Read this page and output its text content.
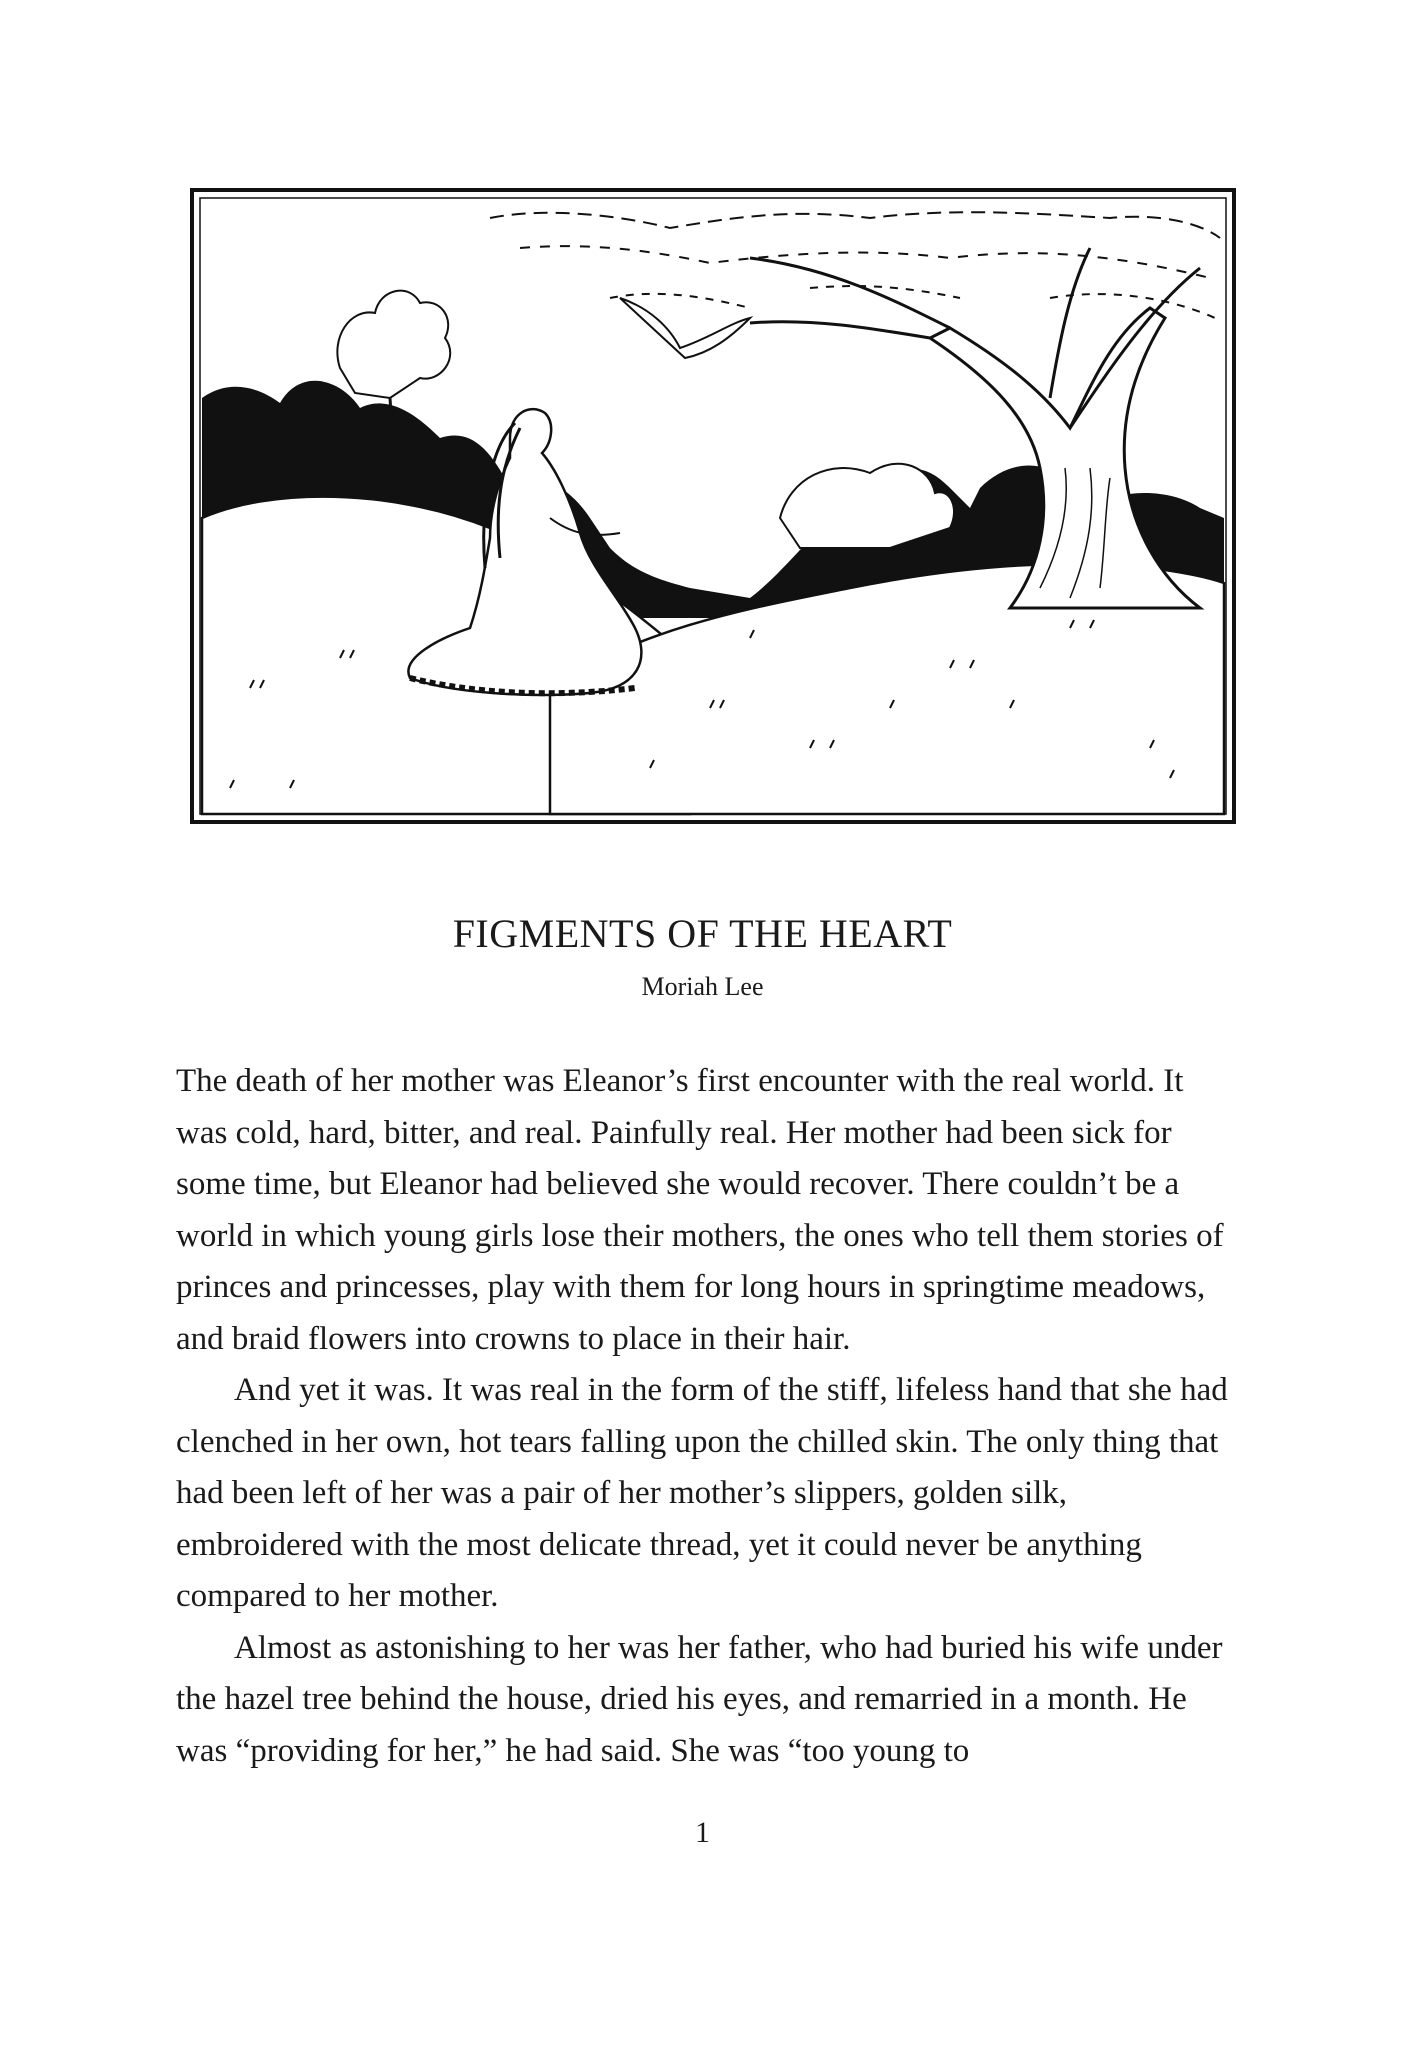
FIGMENTS OF THE HEART
Moriah Lee

The death of her mother was Eleanor’s first encounter with the real world. It was cold, hard, bitter, and real. Painfully real. Her mother had been sick for some time, but Eleanor had believed she would recover. There couldn’t be a world in which young girls lose their mothers, the ones who tell them stories of princes and princesses, play with them for long hours in springtime meadows, and braid flowers into crowns to place in their hair.

And yet it was. It was real in the form of the stiff, lifeless hand that she had clenched in her own, hot tears falling upon the chilled skin. The only thing that had been left of her was a pair of her mother’s slippers, golden silk, embroidered with the most delicate thread, yet it could never be anything compared to her mother.

Almost as astonishing to her was her father, who had buried his wife under the hazel tree behind the house, dried his eyes, and remarried in a month. He was “providing for her,” he had said. She was “too young to

1
